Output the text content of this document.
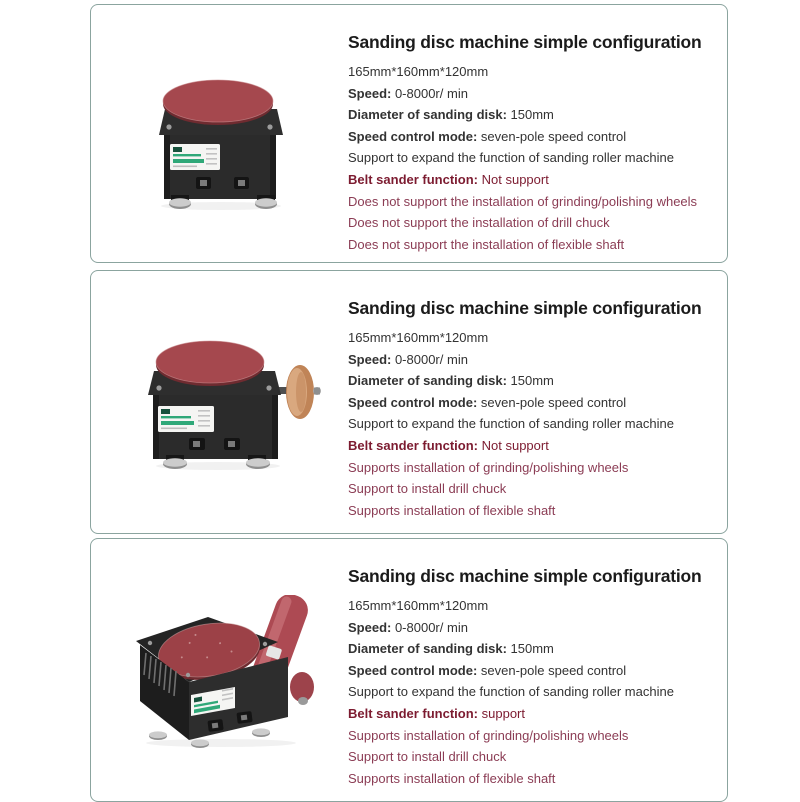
Sanding disc machine simple configuration
165mm*160mm*120mm
Speed: 0-8000r/ min
Diameter of sanding disk: 150mm
Speed control mode: seven-pole speed control
Support to expand the function of sanding roller machine
Belt sander function: Not support
Does not support the installation of grinding/polishing wheels
Does not support the installation of drill chuck
Does not support the installation of flexible shaft
Sanding disc machine simple configuration
165mm*160mm*120mm
Speed: 0-8000r/ min
Diameter of sanding disk: 150mm
Speed control mode: seven-pole speed control
Support to expand the function of sanding roller machine
Belt sander function: Not support
Supports installation of grinding/polishing wheels
Support to install drill chuck
Supports installation of flexible shaft
Sanding disc machine simple configuration
165mm*160mm*120mm
Speed: 0-8000r/ min
Diameter of sanding disk: 150mm
Speed control mode: seven-pole speed control
Support to expand the function of sanding roller machine
Belt sander function: support
Supports installation of grinding/polishing wheels
Support to install drill chuck
Supports installation of flexible shaft
